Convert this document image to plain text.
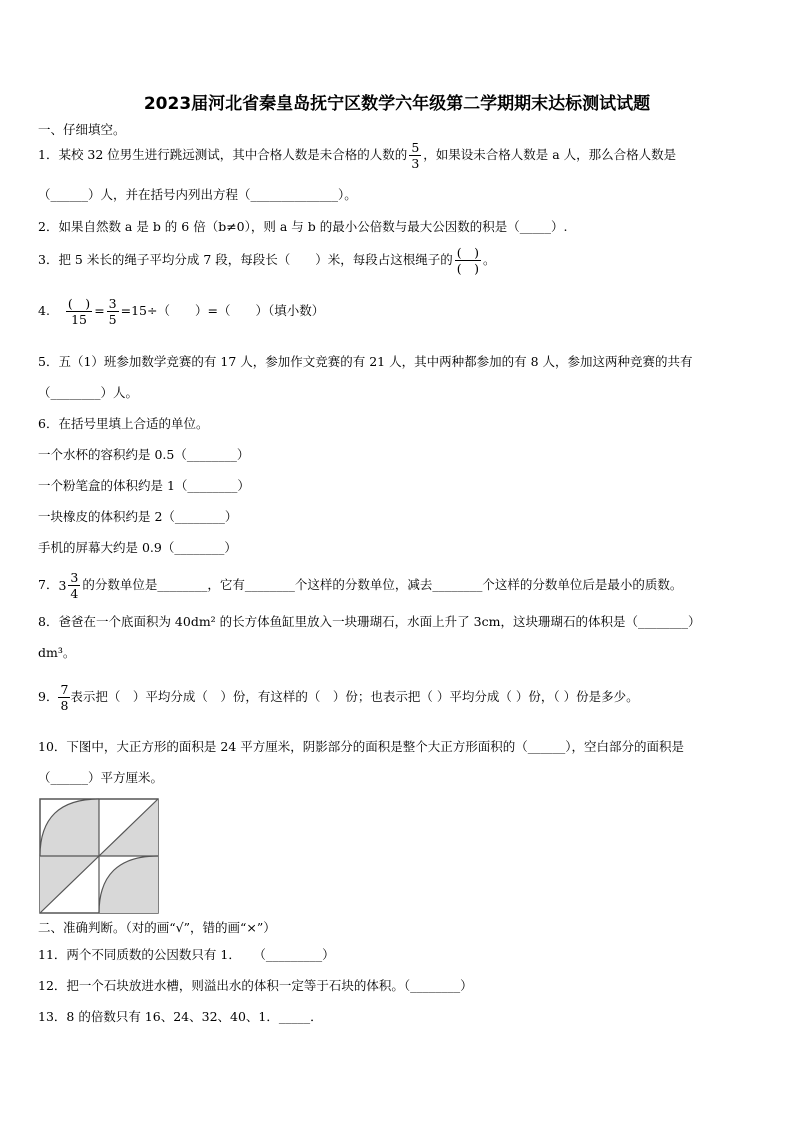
2023届河北省秦皇岛抚宁区数学六年级第二学期期末达标测试试题
一、仔细填空。
1．某校 32 位男生进行跳远测试，其中合格人数是未合格的人数的 $\frac{5}{3}$ ，如果设未合格人数是 a 人，那么合格人数是
（______）人，并在括号内列出方程（______________）。
2．如果自然数 a 是 b 的 6 倍（b≠0），则 a 与 b 的最小公倍数与最大公因数的积是（_____）.
3．把 5 米长的绳子平均分成 7 段，每段长（　　）米，每段占这根绳子的 $\frac{( )}{( )}$ 。
4. $\frac{( )}{15} = \frac{3}{5} =15\div$（　　）=（　　）（填小数）
5．五（1）班参加数学竞赛的有 17 人，参加作文竞赛的有 21 人，其中两种都参加的有 8 人，参加这两种竞赛的共有
（________）人。
6．在括号里填上合适的单位。
一个水杯的容积约是 0.5（________）
一个粉笔盒的体积约是 1（________）
一块橡皮的体积约是 2（________）
手机的屏幕大约是 0.9（________）
7．$3 \frac{3}{4}$ 的分数单位是________，它有________个这样的分数单位，减去________个这样的分数单位后是最小的质数。
8．爸爸在一个底面积为 40dm² 的长方体鱼缸里放入一块珊瑚石，水面上升了 3cm，这块珊瑚石的体积是（________）
dm³。
9． $\frac{7}{8}$ 表示把（　）平均分成（　）份，有这样的（　）份；也表示把（ ）平均分成（ ）份，（ ）份是多少。
10．下图中，大正方形的面积是 24 平方厘米，阴影部分的面积是整个大正方形面积的（______），空白部分的面积是
（______）平方厘米。
二、准确判断。（对的画“√”，错的画“×”）
11．两个不同质数的公因数只有 1．　　（_________）
12．把一个石块放进水槽，则溢出水的体积一定等于石块的体积。（________）
13．8 的倍数只有 16、24、32、40、1．_____．
